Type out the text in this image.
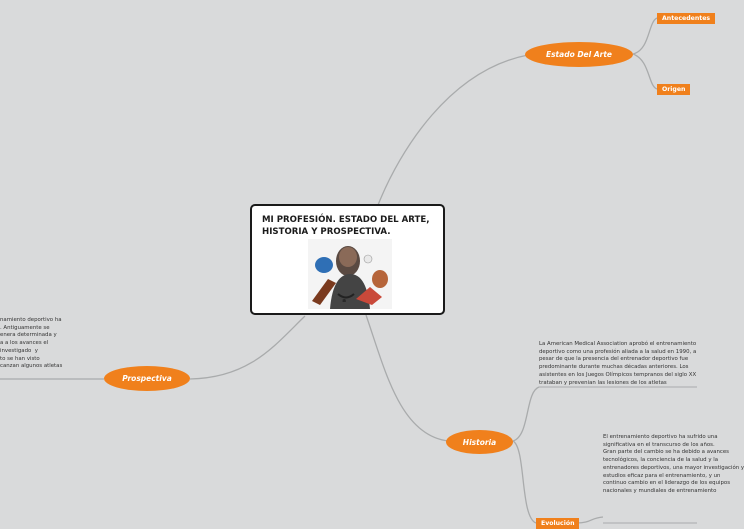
MI PROFESIÓN. ESTADO DEL ARTE, HISTORIA Y PROSPECTIVA.
ᵃ
Estado Del Arte
Historia
Prospectiva
Antecedentes
Origen
Evolución
La American Medical Association aprobó el entrenamiento
deportivo como una profesión aliada a la salud en 1990, a
pesar de que la presencia del entrenador deportivo fue
predominante durante muchas décadas anteriores. Los
asistentes en los Juegos Olímpicos tempranos del siglo XX
trataban y prevenian las lesiones de los atletas
El entrenamiento deportivo ha sufrido una
significativa en el transcurso de los años.
Gran parte del cambio se ha debido a avances
tecnológicos, la conciencia de la salud y la
entrenadores deportivos, una mayor investigación y
estudios eficaz para el entrenamiento, y un
continuo cambio en el liderazgo de los equipos
nacionales y mundiales de entrenamiento
namiento deportivo ha
. Antiguamente se
enera determinada y
a a los avances el
investigado  y
to se han visto
canzan algunos atletas
